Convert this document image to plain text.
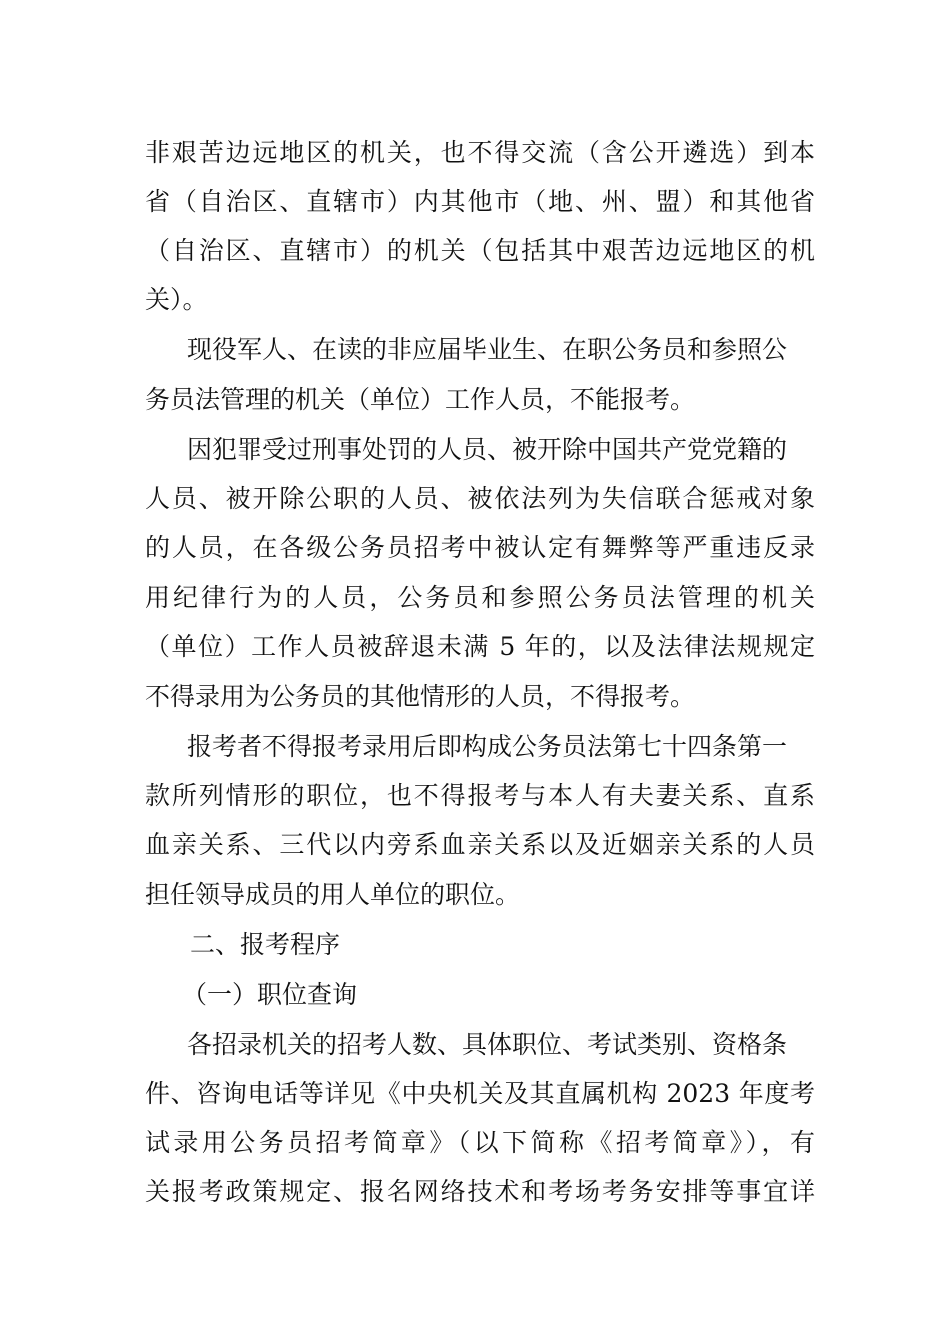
非艰苦边远地区的机关，也不得交流（含公开遴选）到本
省（自治区、直辖市）内其他市（地、州、盟）和其他省
（自治区、直辖市）的机关（包括其中艰苦边远地区的机
关）。
现役军人、在读的非应届毕业生、在职公务员和参照公
务员法管理的机关（单位）工作人员，不能报考。
因犯罪受过刑事处罚的人员、被开除中国共产党党籍的
人员、被开除公职的人员、被依法列为失信联合惩戒对象
的人员，在各级公务员招考中被认定有舞弊等严重违反录
用纪律行为的人员，公务员和参照公务员法管理的机关
（单位）工作人员被辞退未满 5 年的，以及法律法规规定
不得录用为公务员的其他情形的人员，不得报考。
报考者不得报考录用后即构成公务员法第七十四条第一
款所列情形的职位，也不得报考与本人有夫妻关系、直系
血亲关系、三代以内旁系血亲关系以及近姻亲关系的人员
担任领导成员的用人单位的职位。
二、报考程序
（一）职位查询
各招录机关的招考人数、具体职位、考试类别、资格条
件、咨询电话等详见《中央机关及其直属机构 2023 年度考
试录用公务员招考简章》（以下简称《招考简章》），有
关报考政策规定、报名网络技术和考场考务安排等事宜详
